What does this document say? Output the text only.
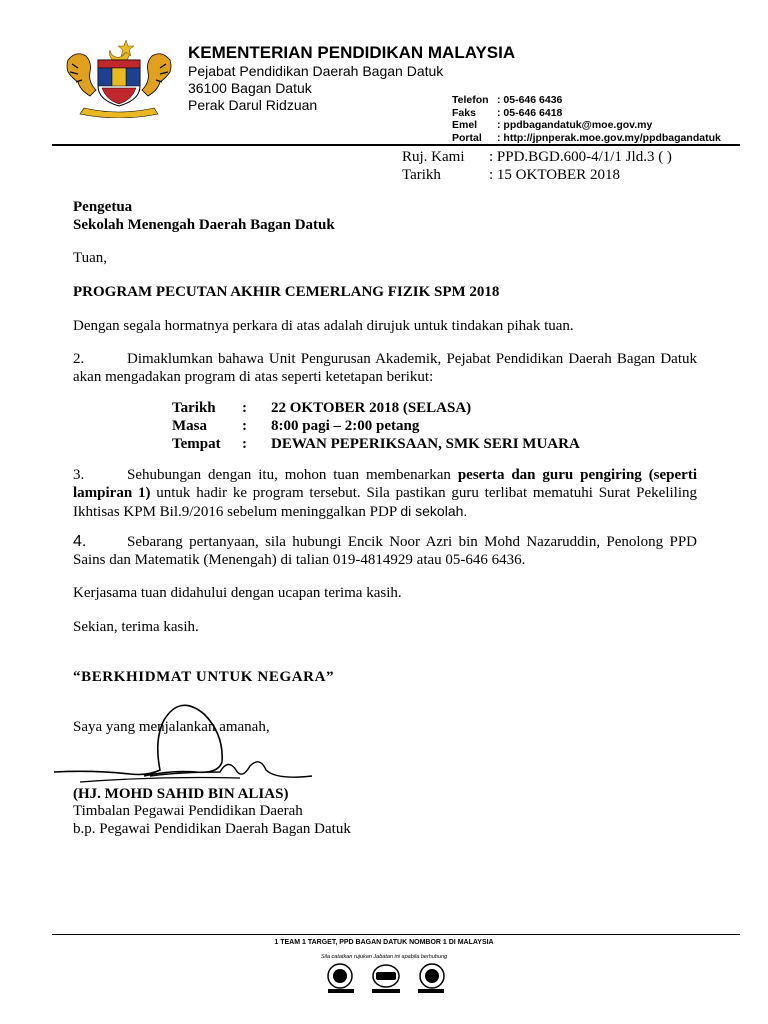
KEMENTERIAN PENDIDIKAN MALAYSIA
Pejabat Pendidikan Daerah Bagan Datuk
36100 Bagan Datuk
Perak Darul Ridzuan	Telefon : 05-646 6436
Faks : 05-646 6418
Emel : ppdbagandatuk@moe.gov.my
Portal : http://jpnperak.moe.gov.my/ppdbagandatuk
Ruj. Kami : PPD.BGD.600-4/1/1 Jld.3 ( )
Tarikh	: 15 OKTOBER 2018
Pengetua
Sekolah Menengah Daerah Bagan Datuk
Tuan,
PROGRAM PECUTAN AKHIR CEMERLANG FIZIK SPM 2018
Dengan segala hormatnya perkara di atas adalah dirujuk untuk tindakan pihak tuan.
2.	Dimaklumkan bahawa Unit Pengurusan Akademik, Pejabat Pendidikan Daerah Bagan Datuk akan mengadakan program di atas seperti ketetapan berikut:
Tarikh : 22 OKTOBER 2018 (SELASA)
Masa : 8:00 pagi – 2:00 petang
Tempat : DEWAN PEPERIKSAAN, SMK SERI MUARA
3.	Sehubungan dengan itu, mohon tuan membenarkan peserta dan guru pengiring (seperti lampiran 1) untuk hadir ke program tersebut. Sila pastikan guru terlibat mematuhi Surat Pekeliling Ikhtisas KPM Bil.9/2016 sebelum meninggalkan PDP di sekolah.
4.	Sebarang pertanyaan, sila hubungi Encik Noor Azri bin Mohd Nazaruddin, Penolong PPD Sains dan Matematik (Menengah) di talian 019-4814929 atau 05-646 6436.
Kerjasama tuan didahului dengan ucapan terima kasih.
Sekian, terima kasih.
“BERKHIDMAT UNTUK NEGARA”
Saya yang menjalankan amanah,
(HJ. MOHD SAHID BIN ALIAS)
Timbalan Pegawai Pendidikan Daerah
b.p. Pegawai Pendidikan Daerah Bagan Datuk
1 TEAM 1 TARGET, PPD BAGAN DATUK NOMBOR 1 DI MALAYSIA
Sila catatkan rujukan Jabatan ini apabila berhubung
